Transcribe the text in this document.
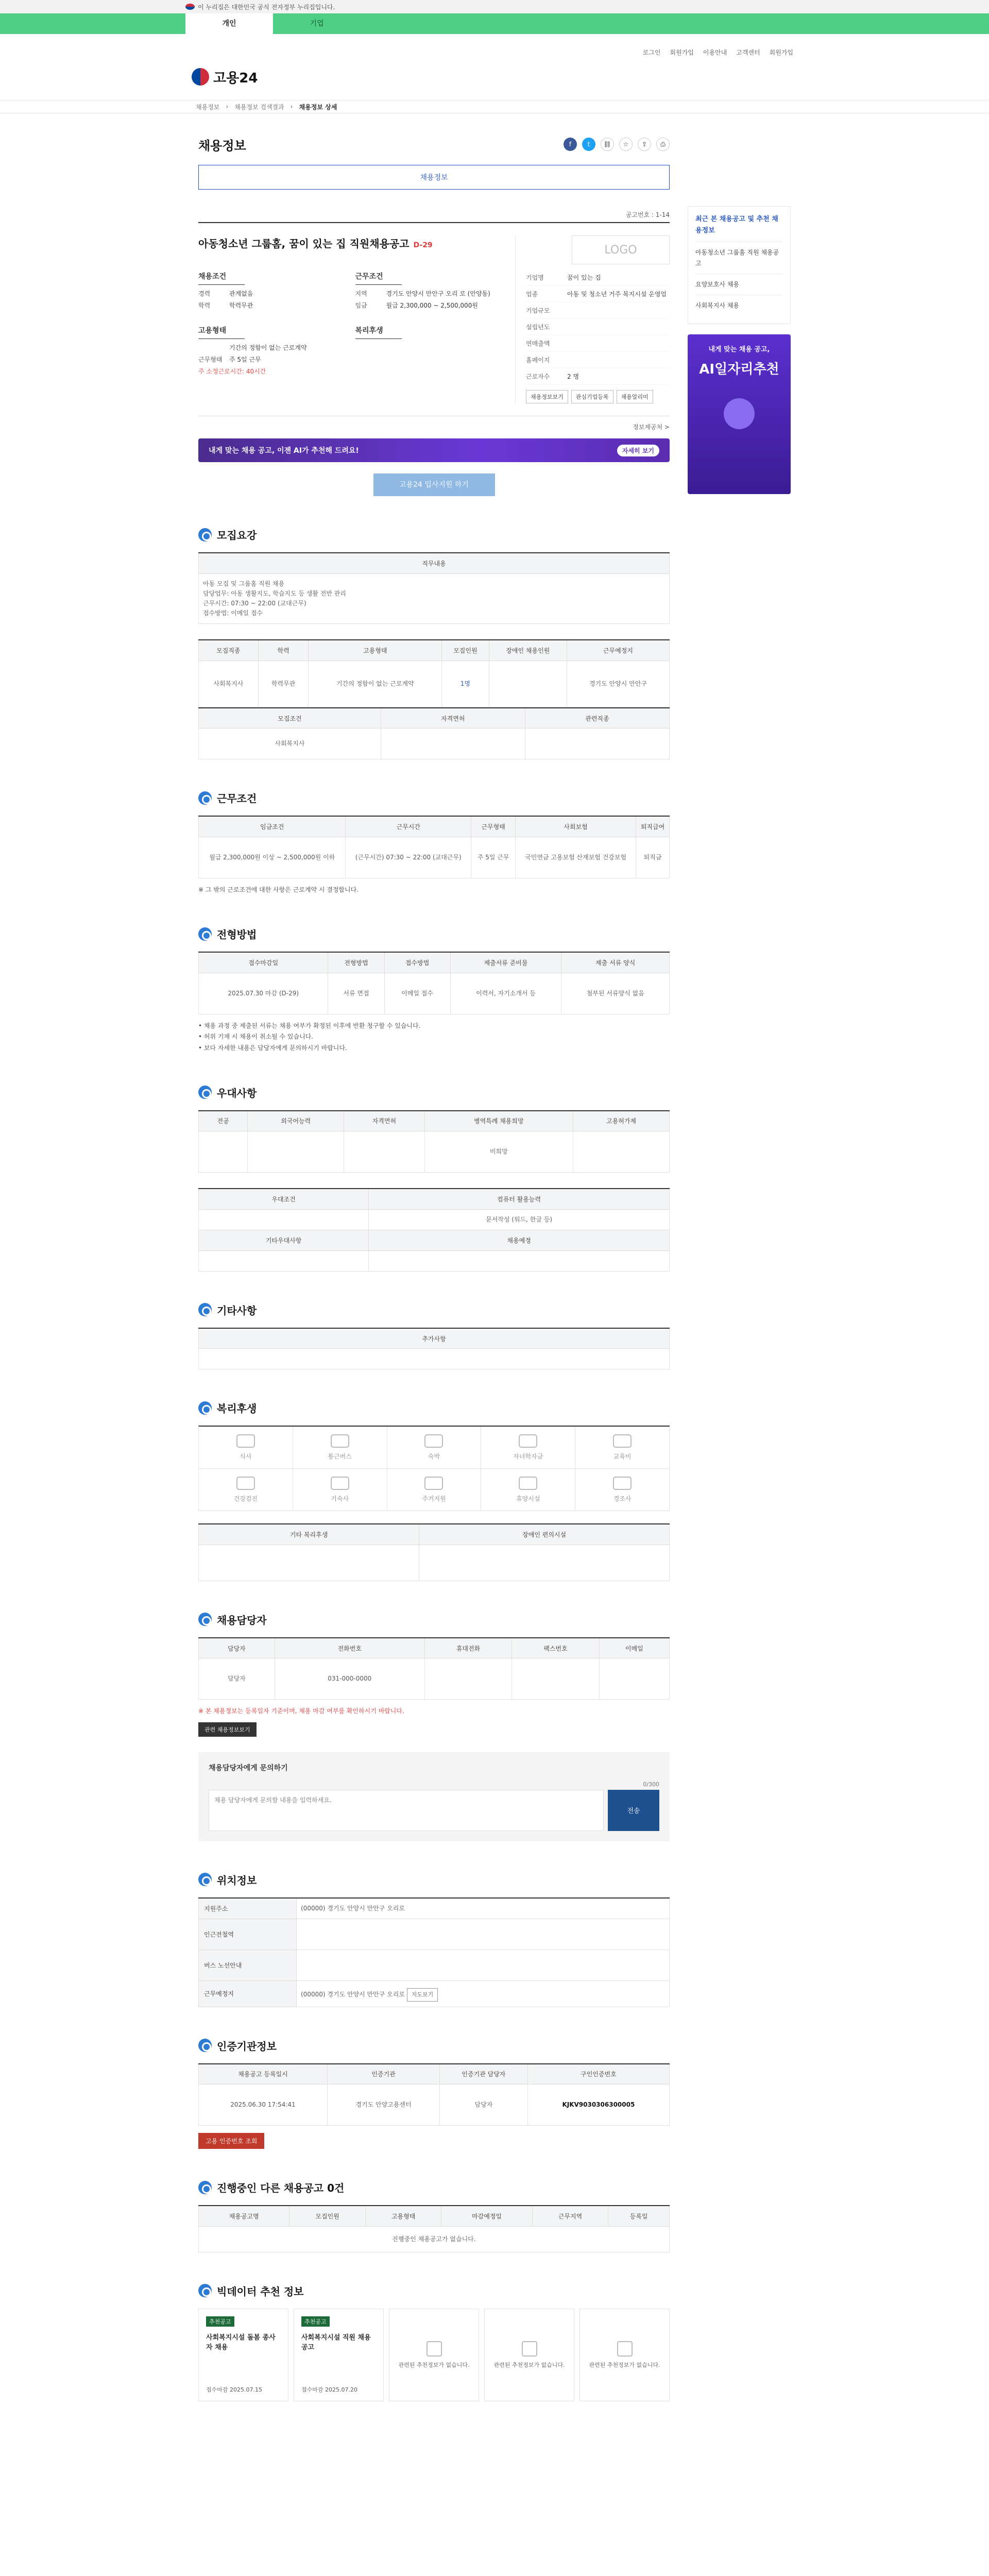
이 누리집은 대한민국 공식 전자정부 누리집입니다.
개인	기업
로그인 회원가입 이용안내 고객센터 회원가입
고용24
채용정보 › 채용정보 검색결과 › 채용정보 상세
채용정보	f	t	⛓	☆	⇪	⎙
채용정보
공고번호 : 1-14
아동청소년 그룹홈, 꿈이 있는 집 직원채용공고 D-29
채용조건
경력	관계없음
학력	학력무관
근무조건
지역	경기도 안양시 만안구 오리 로 (안양동)
임금	월급 2,300,000 ~ 2,500,000원
고용형태
기간의 정함이 없는 근로계약
근무형태	주 5일 근무
주 소정근로시간: 40시간
복리후생
LOGO
기업명	꿈이 있는 집
업종	아동 및 청소년 거주 복지시설 운영업
기업규모
설립년도
연매출액
홈페이지
근로자수	2 명
채용정보보기	관심기업등록	채용알리미
정보제공처 >
내게 맞는 채용 공고, 이젠 AI가 추천해 드려요!	자세히 보기
고용24 입사지원 하기
모집요강
직무내용
아동 모집 및 그룹홈 직원 채용
담당업무: 아동 생활지도, 학습지도 등 생활 전반 관리
근무시간: 07:30 ~ 22:00 (교대근무)
접수방법: 이메일 접수
모집직종	학력	고용형태	모집인원	장애인 채용인원	근무예정지
사회복지사	학력무관	기간의 정함이 없는 근로계약	1명		경기도 안양시 만안구
모집조건	자격면허	관련직종
사회복지사		
근무조건
임금조건	근무시간	근무형태	사회보험	퇴직급여
월급 2,300,000원 이상 ~ 2,500,000원 이하	(근무시간) 07:30 ~ 22:00 (교대근무)	주 5일 근무	국민연금 고용보험 산재보험 건강보험	퇴직금
※ 그 밖의 근로조건에 대한 사항은 근로계약 시 결정합니다.
전형방법
접수마감일	전형방법	접수방법	제출서류 준비물	제출 서류 양식
2025.07.30 마감 (D-29)	서류 면접	이메일 접수	이력서, 자기소개서 등	첨부된 서류양식 없음
• 채용 과정 중 제출된 서류는 채용 여부가 확정된 이후에 반환 청구할 수 있습니다.
• 허위 기재 시 채용이 취소될 수 있습니다.
• 보다 자세한 내용은 담당자에게 문의하시기 바랍니다.
우대사항
전공	외국어능력	자격면허	병역특례 채용희망	고용허가제
			비희망	
우대조건	컴퓨터 활용능력
	문서작성 (워드, 한글 등)
기타우대사항	채용예정

기타사항
추가사항

복리후생
식사	통근버스	숙박	자녀학자금	교육비
건강검진	기숙사	주거지원	휴양시설	경조사
기타 복리후생	장애인 편의시설

채용담당자
담당자	전화번호	휴대전화	팩스번호	이메일
담당자	031-000-0000			
※ 본 채용정보는 등록일자 기준이며, 채용 마감 여부를 확인하시기 바랍니다.
관련 채용정보보기
채용담당자에게 문의하기
0/300
채용 담당자에게 문의할 내용을 입력하세요.
전송
위치정보
지원주소	(00000) 경기도 안양시 만안구 오리로
인근전철역	
버스 노선안내	
근무예정지	(00000) 경기도 안양시 만안구 오리로 지도보기
인증기관정보
채용공고 등록일시	인증기관	인증기관 담당자	구인인증번호
2025.06.30 17:54:41	경기도 안양고용센터	담당자	KJKV9030306300005
고용 인증번호 조회
진행중인 다른 채용공고 0건
채용공고명	모집인원	고용형태	마감예정일	근무지역	등록일
진행중인 채용공고가 없습니다.
빅데이터 추천 정보
추천공고
사회복지시설 돌봄 종사자 채용
접수마감 2025.07.15
추천공고
사회복지시설 직원 채용 공고
접수마감 2025.07.20
관련된 추천정보가 없습니다.	관련된 추천정보가 없습니다.	관련된 추천정보가 없습니다.
최근 본 채용공고 및 추천 채용정보
아동청소년 그룹홈 직원 채용공고
요양보호사 채용
사회복지사 채용
내게 맞는 채용 공고,
AI일자리추천
